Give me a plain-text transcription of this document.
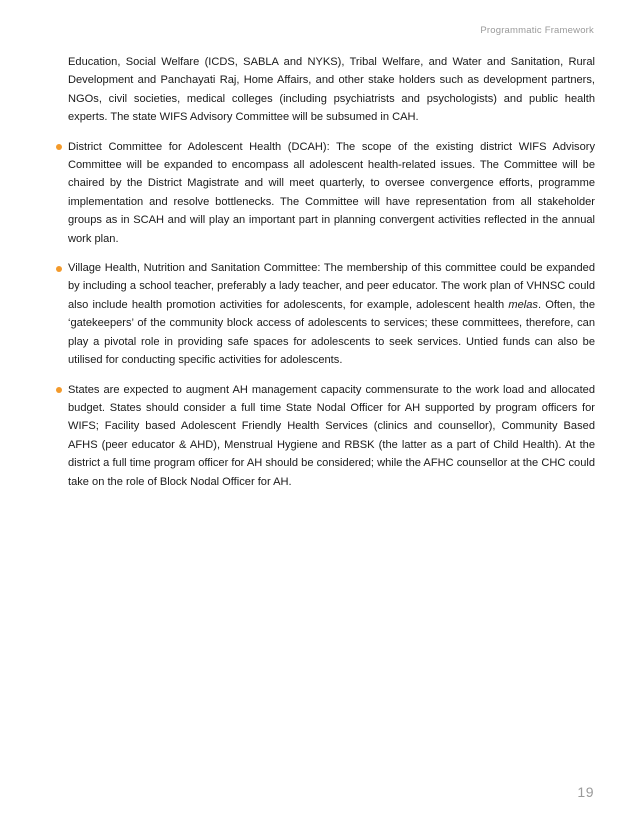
Programmatic Framework

Education, Social Welfare (ICDS, SABLA and NYKS), Tribal Welfare, and Water and Sanitation, Rural Development and Panchayati Raj, Home Affairs, and other stake holders such as development partners, NGOs, civil societies, medical colleges (including psychiatrists and psychologists) and public health experts. The state WIFS Advisory Committee will be subsumed in CAH.

District Committee for Adolescent Health (DCAH): The scope of the existing district WIFS Advisory Committee will be expanded to encompass all adolescent health-related issues. The Committee will be chaired by the District Magistrate and will meet quarterly, to oversee convergence efforts, programme implementation and resolve bottlenecks. The Committee will have representation from all stakeholder groups as in SCAH and will play an important part in planning convergent activities reflected in the annual work plan.
Village Health, Nutrition and Sanitation Committee: The membership of this committee could be expanded by including a school teacher, preferably a lady teacher, and peer educator. The work plan of VHNSC could also include health promotion activities for adolescents, for example, adolescent health melas. Often, the ‘gatekeepers’ of the community block access of adolescents to services; these committees, therefore, can play a pivotal role in providing safe spaces for adolescents to seek services. Untied funds can also be utilised for conducting specific activities for adolescents.
States are expected to augment AH management capacity commensurate to the work load and allocated budget. States should consider a full time State Nodal Officer for AH supported by program officers for WIFS; Facility based Adolescent Friendly Health Services (clinics and counsellor), Community Based AFHS (peer educator & AHD), Menstrual Hygiene and RBSK (the latter as a part of Child Health). At the district a full time program officer for AH should be considered; while the AFHC counsellor at the CHC could take on the role of Block Nodal Officer for AH.
19
